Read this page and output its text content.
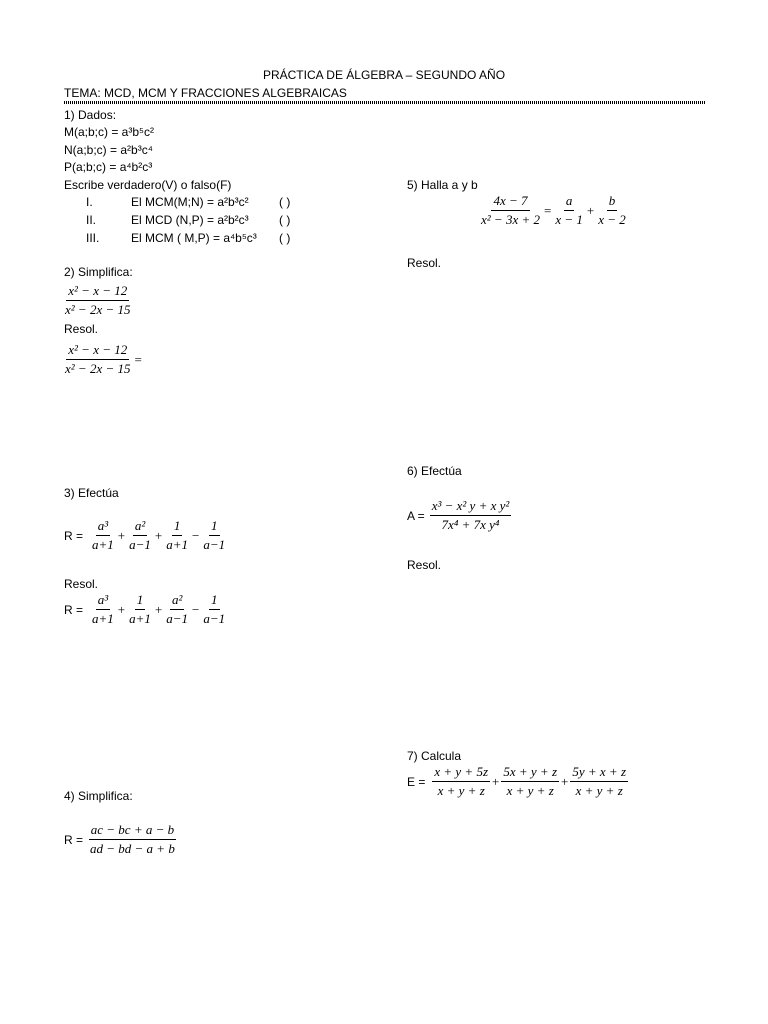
PRÁCTICA DE ÁLGEBRA – SEGUNDO AÑO
TEMA: MCD, MCM Y FRACCIONES ALGEBRAICAS
1) Dados:
M(a;b;c) = a³b⁵c²
N(a;b;c) = a²b³c⁴
P(a;b;c) = a⁴b²c³
Escribe verdadero(V) o falso(F)
I.	El MCM(M;N) = a²b³c²	( )
II.	El MCD (N,P) = a²b²c³	( )
III.	El MCM ( M,P) = a⁴b⁵c³ ( )
2) Simplifica:
$\frac{\text{x² − x − 12}}{\text{x² − 2x − 15}}$
Resol.
$\frac{\text{x² − x − 12}}{\text{x² − 2x − 15}}$ =
3) Efectúa
$R = \frac{\text{a³}}{a+1} + \frac{\text{a²}}{a-1} + \frac{1}{a+1} - \frac{1}{a-1}$
Resol.
$R = \frac{\text{a³}}{a+1} + \frac{1}{a+1} + \frac{\text{a²}}{a-1} - \frac{1}{a-1}$
4) Simplifica:
$R = \frac{ac - bc + a - b}{ad - bd - a + b}$
5) Halla a y b
$\frac{4x - 7}{\text{x² − 3x + 2}} = \frac{a}{x - 1} + \frac{b}{x - 2}$
Resol.
6) Efectúa
$A = \frac{\text{x³ − x² y + x y²}}{\text{7x⁴ + 7x y⁴}}$
Resol.
7) Calcula
$E = \frac{x + y + 5z}{x + y + z} + \frac{5x + y + z}{x + y + z} + \frac{5y + x + z}{x + y + z}$
